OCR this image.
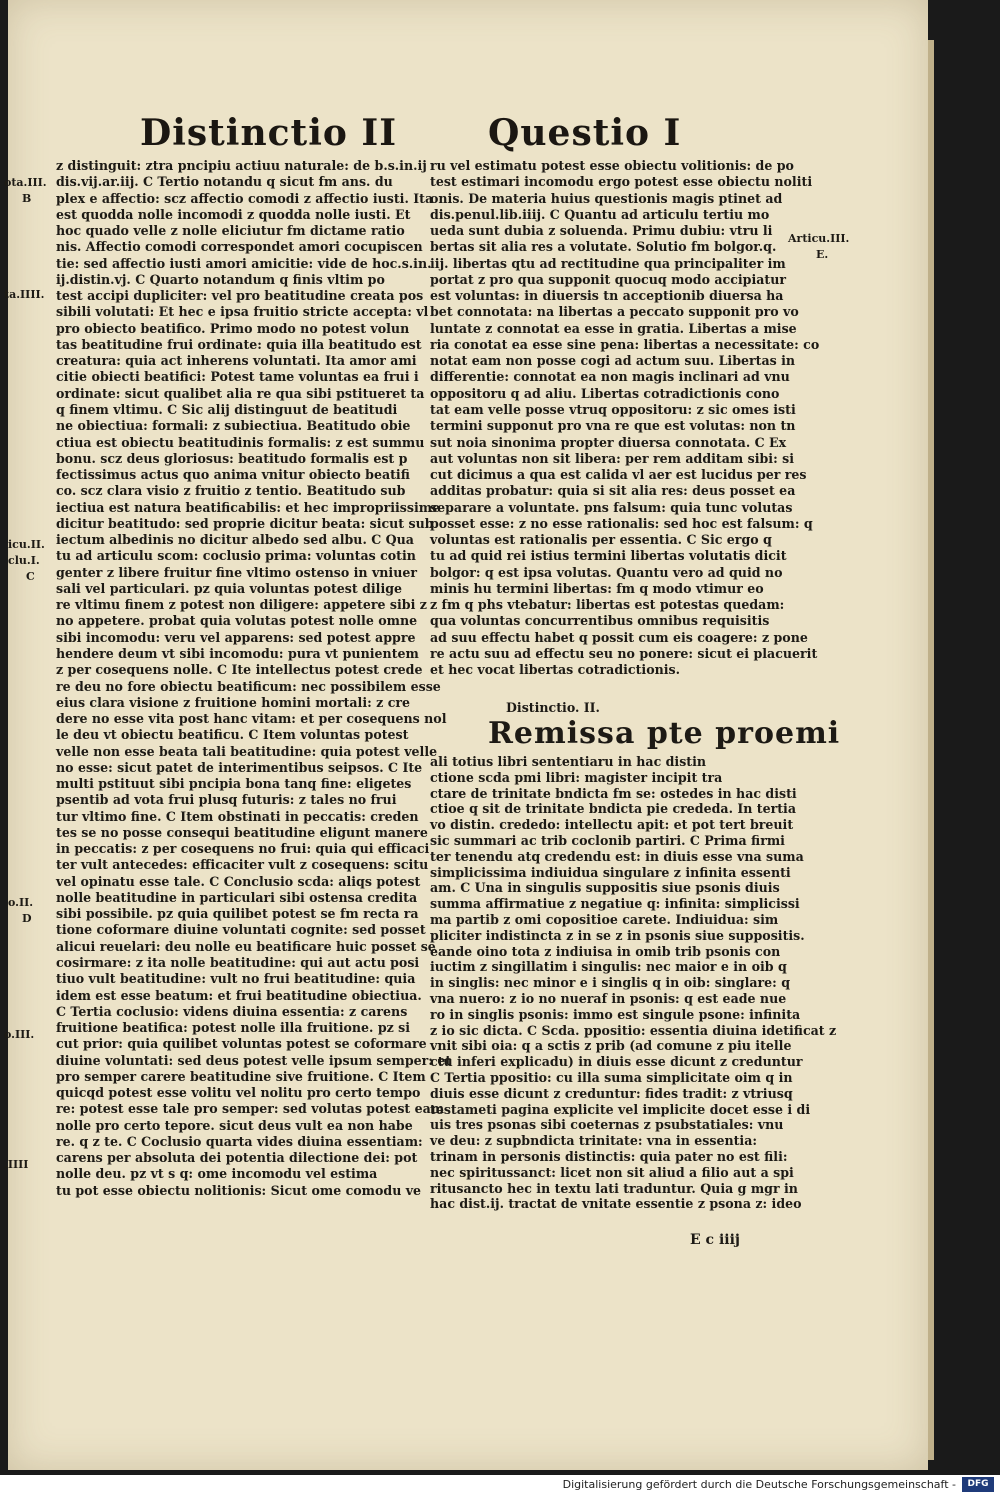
Distinctio II	Questio I
ota.III.
B
ta.IIII.
icu.II.
clu.I.
C
o.II.
D
o.III.
.IIII
Articu.III.
E.
z distinguit: ztra pncipiu actiuu naturale: de b.s.in.ij
dis.vij.ar.iij. C Tertio notandu q sicut fm ans. du
plex e affectio: scz affectio comodi z affectio iusti. Ita
est quodda nolle incomodi z quodda nolle iusti. Et
hoc quado velle z nolle eliciutur fm dictame ratio
nis. Affectio comodi correspondet amori cocupiscen
tie: sed affectio iusti amori amicitie: vide de hoc.s.in.
ij.distin.vj. C Quarto notandum q finis vltim po
test accipi dupliciter: vel pro beatitudine creata pos
sibili volutati: Et hec e ipsa fruitio stricte accepta: vl
pro obiecto beatifico. Primo modo no potest volun
tas beatitudine frui ordinate: quia illa beatitudo est
creatura: quia act inherens voluntati. Ita amor ami
citie obiecti beatifici: Potest tame voluntas ea frui i
ordinate: sicut qualibet alia re qua sibi pstitueret ta
q finem vltimu. C Sic alij distinguut de beatitudi
ne obiectiua: formali: z subiectiua. Beatitudo obie
ctiua est obiectu beatitudinis formalis: z est summu
bonu. scz deus gloriosus: beatitudo formalis est p
fectissimus actus quo anima vnitur obiecto beatifi
co. scz clara visio z fruitio z tentio. Beatitudo sub
iectiua est natura beatificabilis: et hec impropriissime
dicitur beatitudo: sed proprie dicitur beata: sicut sub
iectum albedinis no dicitur albedo sed albu. C Qua
tu ad articulu scom: coclusio prima: voluntas cotin
genter z libere fruitur fine vltimo ostenso in vniuer
sali vel particulari. pz quia voluntas potest dilige
re vltimu finem z potest non diligere: appetere sibi z
no appetere. probat quia volutas potest nolle omne
sibi incomodu: veru vel apparens: sed potest appre
hendere deum vt sibi incomodu: pura vt punientem
z per cosequens nolle. C Ite intellectus potest crede
re deu no fore obiectu beatificum: nec possibilem esse
eius clara visione z fruitione homini mortali: z cre
dere no esse vita post hanc vitam: et per cosequens nol
le deu vt obiectu beatificu. C Item voluntas potest
velle non esse beata tali beatitudine: quia potest velle
no esse: sicut patet de interimentibus seipsos. C Ite
multi pstituut sibi pncipia bona tanq fine: eligetes
psentib ad vota frui plusq futuris: z tales no frui
tur vltimo fine. C Item obstinati in peccatis: creden
tes se no posse consequi beatitudine eligunt manere
in peccatis: z per cosequens no frui: quia qui efficaci
ter vult antecedes: efficaciter vult z cosequens: scitu
vel opinatu esse tale. C Conclusio scda: aliqs potest
nolle beatitudine in particulari sibi ostensa credita
sibi possibile. pz quia quilibet potest se fm recta ra
tione coformare diuine voluntati cognite: sed posset
alicui reuelari: deu nolle eu beatificare huic posset se
cosirmare: z ita nolle beatitudine: qui aut actu posi
tiuo vult beatitudine: vult no frui beatitudine: quia
idem est esse beatum: et frui beatitudine obiectiua.
C Tertia coclusio: videns diuina essentia: z carens
fruitione beatifica: potest nolle illa fruitione. pz si
cut prior: quia quilibet voluntas potest se coformare
diuine voluntati: sed deus potest velle ipsum semper: et
pro semper carere beatitudine sive fruitione. C Item
quicqd potest esse volitu vel nolitu pro certo tempo
re: potest esse tale pro semper: sed volutas potest eam
nolle pro certo tepore. sicut deus vult ea non habe
re. q z te. C Coclusio quarta vides diuina essentiam:
carens per absoluta dei potentia dilectione dei: pot
nolle deu. pz vt s q: ome incomodu vel estima
tu pot esse obiectu nolitionis: Sicut ome comodu ve
ru vel estimatu potest esse obiectu volitionis: de po
test estimari incomodu ergo potest esse obiectu noliti
onis. De materia huius questionis magis ptinet ad
dis.penul.lib.iiij. C Quantu ad articulu tertiu mo
ueda sunt dubia z soluenda. Primu dubiu: vtru li
bertas sit alia res a volutate. Solutio fm bolgor.q.
iij. libertas qtu ad rectitudine qua principaliter im
portat z pro qua supponit quocuq modo accipiatur
est voluntas: in diuersis tn acceptionib diuersa ha
bet connotata: na libertas a peccato supponit pro vo
luntate z connotat ea esse in gratia. Libertas a mise
ria conotat ea esse sine pena: libertas a necessitate: co
notat eam non posse cogi ad actum suu. Libertas in
differentie: connotat ea non magis inclinari ad vnu
oppositoru q ad aliu. Libertas cotradictionis cono
tat eam velle posse vtruq oppositoru: z sic omes isti
termini supponut pro vna re que est volutas: non tn
sut noia sinonima propter diuersa connotata. C Ex
aut voluntas non sit libera: per rem additam sibi: si
cut dicimus a qua est calida vl aer est lucidus per res
additas probatur: quia si sit alia res: deus posset ea
separare a voluntate. pns falsum: quia tunc volutas
posset esse: z no esse rationalis: sed hoc est falsum: q
voluntas est rationalis per essentia. C Sic ergo q
tu ad quid rei istius termini libertas volutatis dicit
bolgor: q est ipsa volutas. Quantu vero ad quid no
minis hu termini libertas: fm q modo vtimur eo
z fm q phs vtebatur: libertas est potestas quedam:
qua voluntas concurrentibus omnibus requisitis
ad suu effectu habet q possit cum eis coagere: z pone
re actu suu ad effectu seu no ponere: sicut ei placuerit
et hec vocat libertas cotradictionis.
Distinctio. II.
Remissa pte proemi
ali totius libri sententiaru in hac distin
ctione scda pmi libri: magister incipit tra
ctare de trinitate bndicta fm se: ostedes in hac disti
ctioe q sit de trinitate bndicta pie crededa. In tertia
vo distin. crededo: intellectu apit: et pot tert breuit
sic summari ac trib coclonib partiri. C Prima firmi
ter tenendu atq credendu est: in diuis esse vna suma
simplicissima indiuidua singulare z infinita essenti
am. C Una in singulis suppositis siue psonis diuis
summa affirmatiue z negatiue q: infinita: simplicissi
ma partib z omi copositioe carete. Indiuidua: sim
pliciter indistincta z in se z in psonis siue suppositis.
eande oino tota z indiuisa in omib trib psonis con
iuctim z singillatim i singulis: nec maior e in oib q
in singlis: nec minor e i singlis q in oib: singlare: q
vna nuero: z io no nueraf in psonis: q est eade nue
ro in singlis psonis: immo est singule psone: infinita
z io sic dicta. C Scda. ppositio: essentia diuina idetificat z
vnit sibi oia: q a sctis z prib (ad comune z piu itelle
ctu inferi explicadu) in diuis esse dicunt z creduntur
C Tertia ppositio: cu illa suma simplicitate oim q in
diuis esse dicunt z creduntur: fides tradit: z vtriusq
testameti pagina explicite vel implicite docet esse i di
uis tres psonas sibi coeternas z psubstatiales: vnu
ve deu: z supbndicta trinitate: vna in essentia:
trinam in personis distinctis: quia pater no est fili:
nec spiritussanct: licet non sit aliud a filio aut a spi
ritusancto hec in textu lati traduntur. Quia g mgr in
hac dist.ij. tractat de vnitate essentie z psona z: ideo
E c iiij
Digitalisierung gefördert durch die Deutsche Forschungsgemeinschaft -	DFG
